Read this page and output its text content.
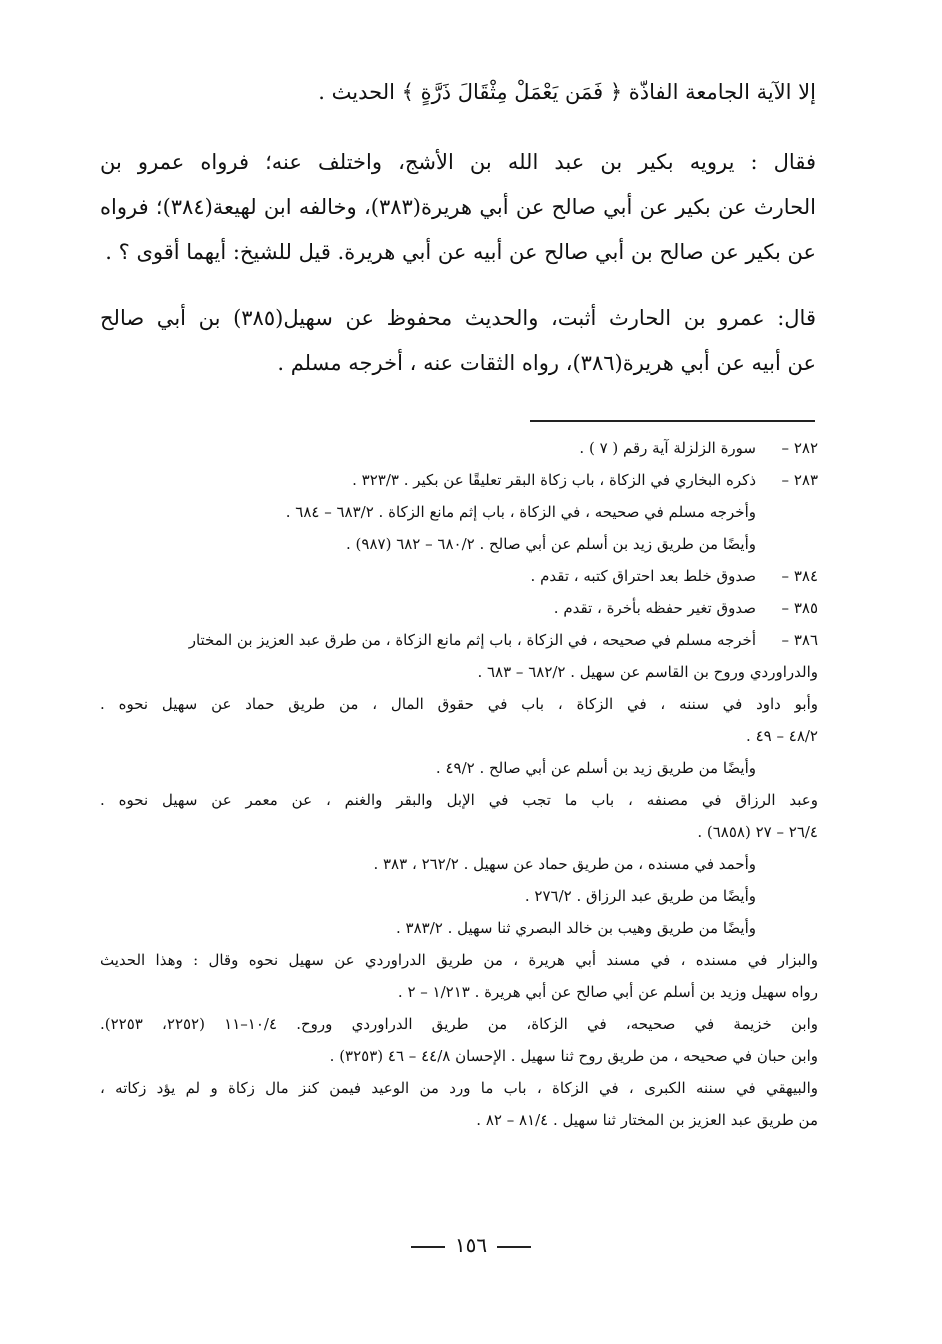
إلا الآية الجامعة الفاذّة ﴿ فَمَن يَعْمَلْ مِثْقَالَ ذَرَّةٍ ﴾ الحديث .
فقال : يرويه بكير بن عبد الله بن الأشج، واختلف عنه؛ فرواه عمرو بن
الحارث عن بكير عن أبي صالح عن أبي هريرة(٣٨٣)، وخالفه ابن لهيعة(٣٨٤)؛ فرواه
عن بكير عن صالح بن أبي صالح عن أبيه عن أبي هريرة. قيل للشيخ: أيهما أقوى ؟ .
قال: عمرو بن الحارث أثبت، والحديث محفوظ عن سهيل(٣٨٥) بن أبي صالح
عن أبيه عن أبي هريرة(٣٨٦)، رواه الثقات عنه ، أخرجه مسلم .
٢٨٢ –سورة الزلزلة آية رقم ( ٧ ) .
٢٨٣ –ذكره البخاري في الزكاة ، باب زكاة البقر تعليقًا عن بكير . ٣٢٣/٣ .
وأخرجه مسلم في صحيحه ، في الزكاة ، باب إثم مانع الزكاة . ٦٨٣/٢ – ٦٨٤ .
وأيضًا من طريق زيد بن أسلم عن أبي صالح . ٦٨٠/٢ – ٦٨٢ (٩٨٧) .
٣٨٤ –صدوق خلط بعد احتراق كتبه ، تقدم .
٣٨٥ –صدوق تغير حفظه بأخرة ، تقدم .
٣٨٦ –أخرجه مسلم في صحيحه ، في الزكاة ، باب إثم مانع الزكاة ، من طرق عبد العزيز بن المختار
والدراوردي وروح بن القاسم عن سهيل . ٦٨٢/٢ – ٦٨٣ .
وأبو داود في سننه ، في الزكاة ، باب في حقوق المال ، من طريق حماد عن سهيل نحوه .
٤٨/٢ – ٤٩ .
وأيضًا من طريق زيد بن أسلم عن أبي صالح . ٤٩/٢ .
وعبد الرزاق في مصنفه ، باب ما تجب في الإبل والبقر والغنم ، عن معمر عن سهيل نحوه .
٢٦/٤ – ٢٧ (٦٨٥٨) .
وأحمد في مسنده ، من طريق حماد عن سهيل . ٢٦٢/٢ ، ٣٨٣ .
وأيضًا من طريق عبد الرزاق . ٢٧٦/٢ .
وأيضًا من طريق وهيب بن خالد البصري ثنا سهيل . ٣٨٣/٢ .
والبزار في مسنده ، في مسند أبي هريرة ، من طريق الدراوردي عن سهيل نحوه وقال : وهذا الحديث
رواه سهيل وزيد بن أسلم عن أبي صالح عن أبي هريرة . ١/٢١٣ – ٢ .
وابن خزيمة في صحيحه، في الزكاة، من طريق الدراوردي وروح. ١٠/٤–١١ (٢٢٥٢، ٢٢٥٣).
وابن حبان في صحيحه ، من طريق روح ثنا سهيل . الإحسان ٤٤/٨ – ٤٦ (٣٢٥٣) .
والبيهقي في سننه الكبرى ، في الزكاة ، باب ما ورد من الوعيد فيمن كنز مال زكاة و لم يؤد زكاته ،
من طريق عبد العزيز بن المختار ثنا سهيل . ٨١/٤ – ٨٢ .
١٥٦
